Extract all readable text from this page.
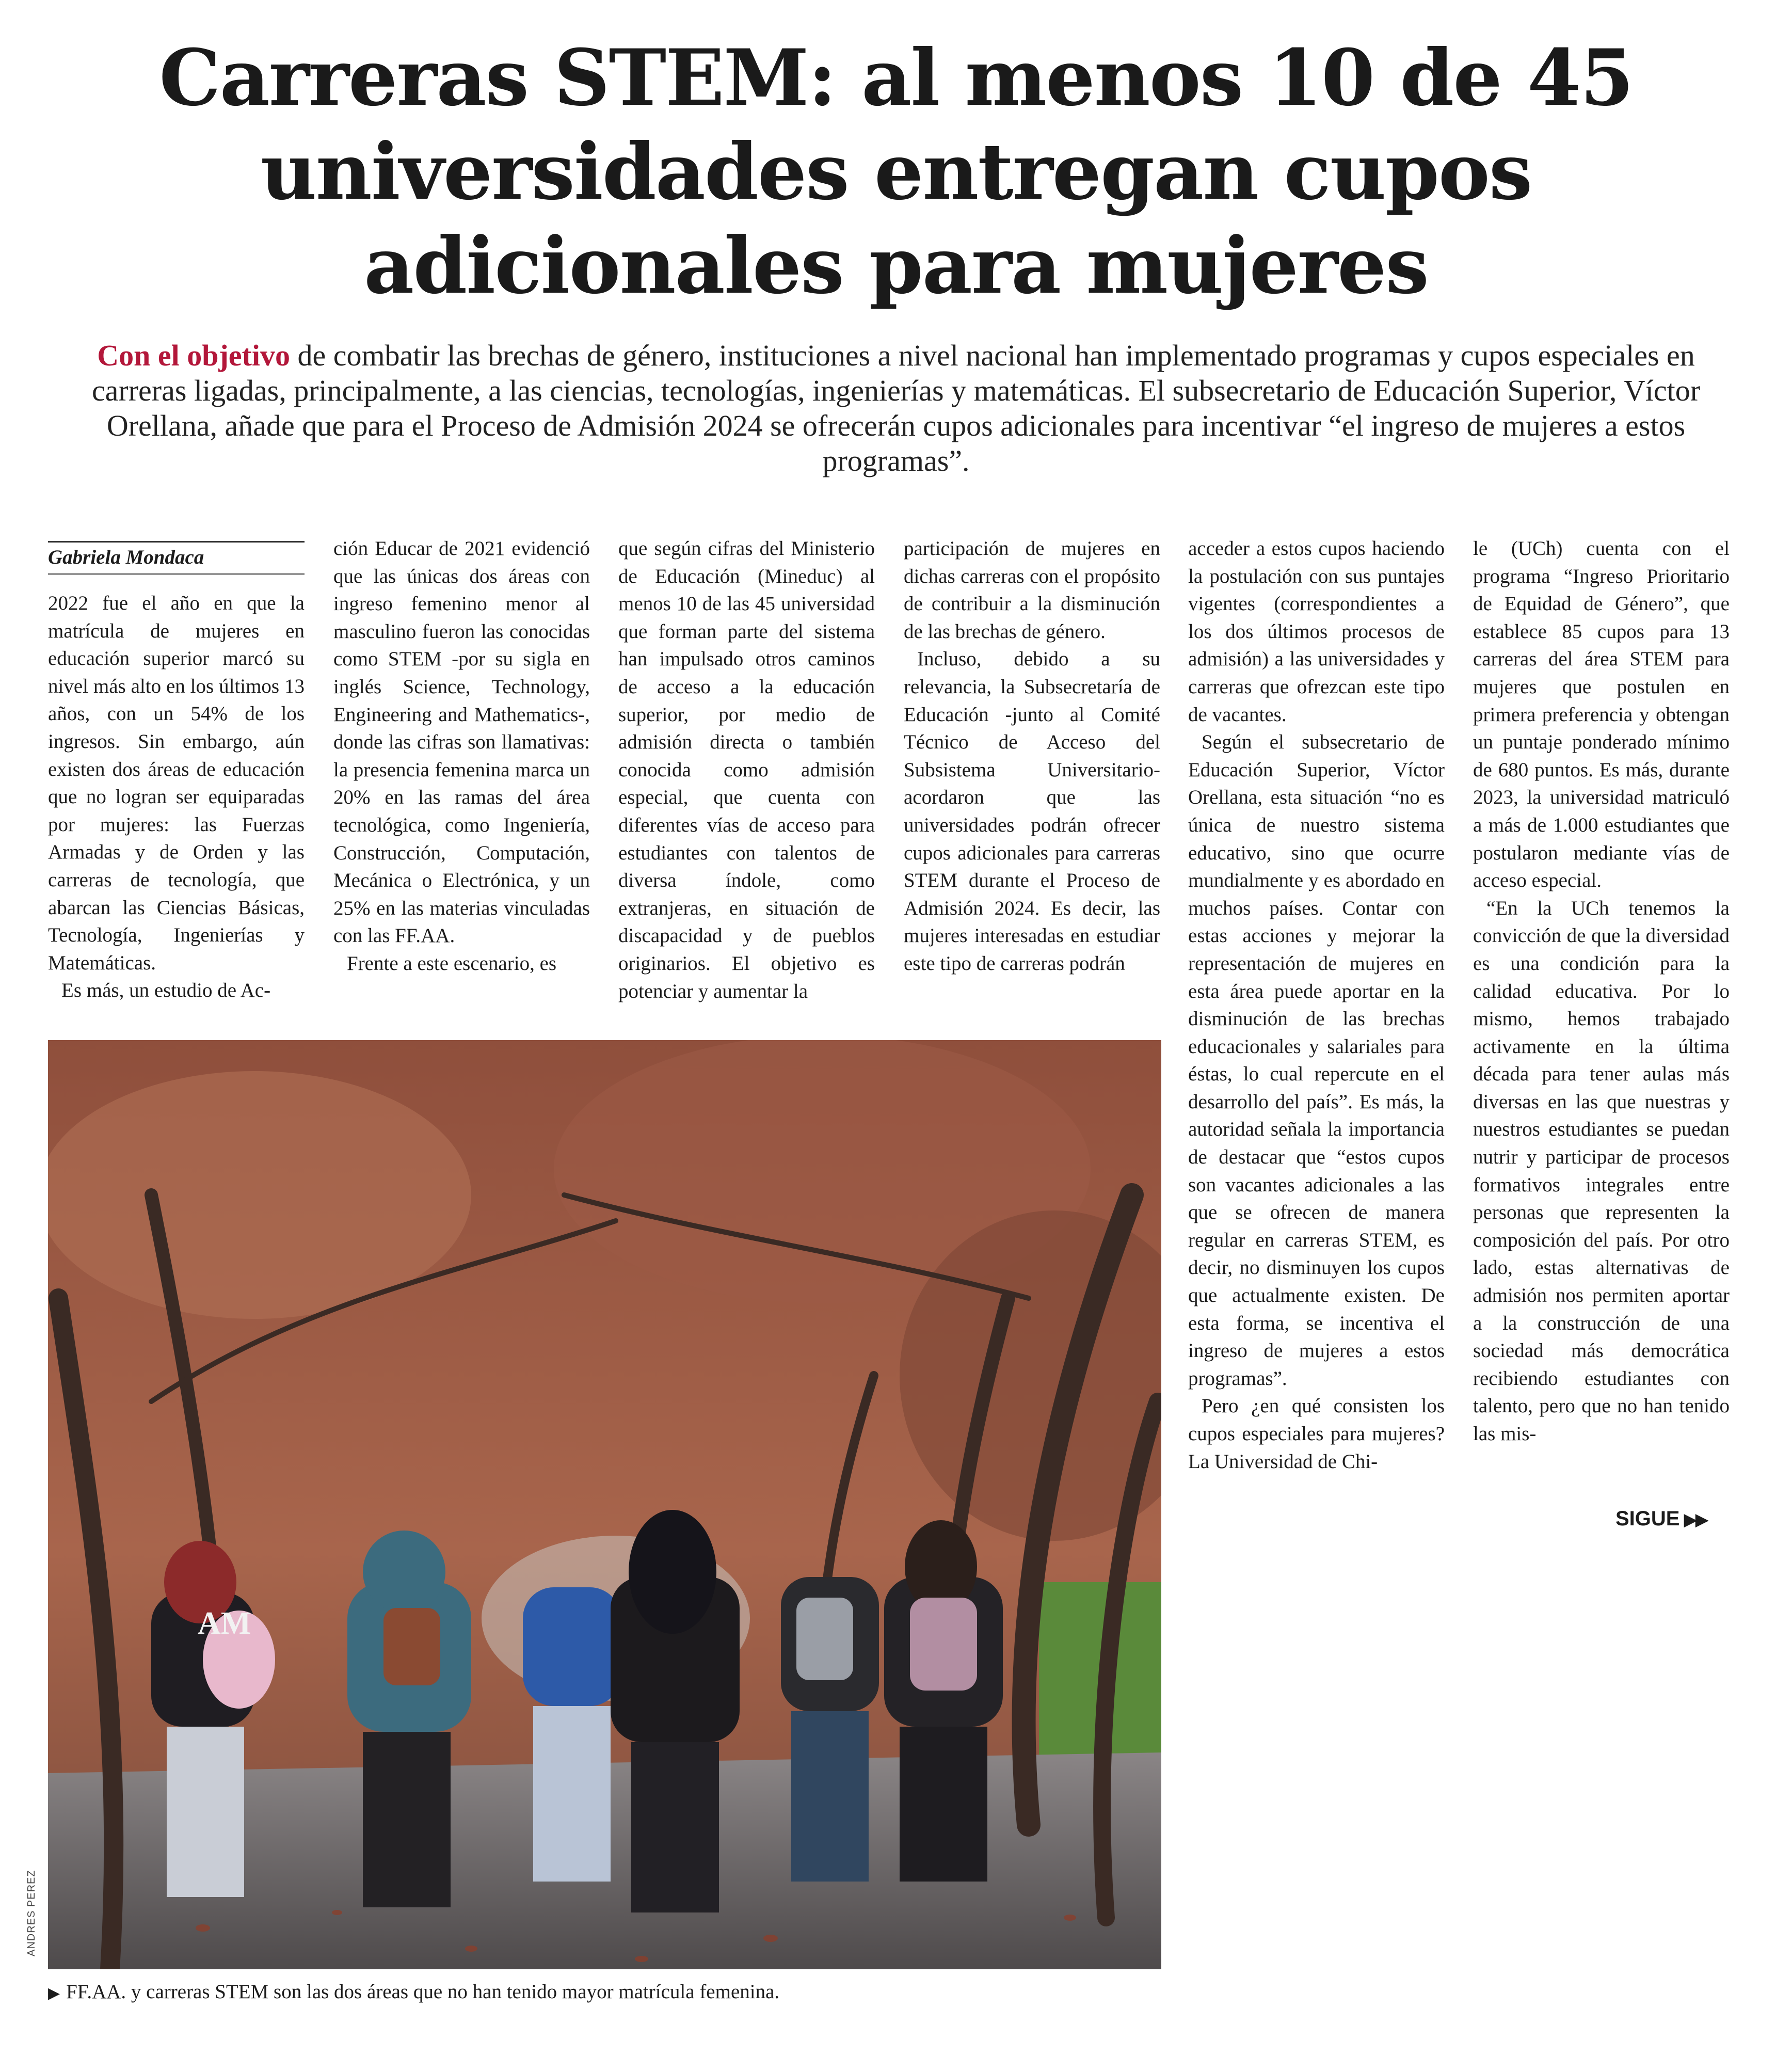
Carreras STEM: al menos 10 de 45 universidades entregan cupos adicionales para mujeres

Con el objetivo de combatir las brechas de género, instituciones a nivel nacional han implementado programas y cupos especiales en carreras ligadas, principalmente, a las ciencias, tecnologías, ingenierías y matemáticas. El subsecretario de Educación Superior, Víctor Orellana, añade que para el Proceso de Admisión 2024 se ofrecerán cupos adicionales para incentivar “el ingreso de mujeres a estos programas”.

Gabriela Mondaca

2022 fue el año en que la matrícula de mujeres en educación superior marcó su nivel más alto en los últimos 13 años, con un 54% de los ingresos. Sin embargo, aún existen dos áreas de educación que no logran ser equiparadas por mujeres: las Fuerzas Armadas y de Orden y las carreras de tecnología, que abarcan las Ciencias Básicas, Tecnología, Ingenierías y Matemáticas.

Es más, un estudio de Ac-

ción Educar de 2021 evidenció que las únicas dos áreas con ingreso femenino menor al masculino fueron las conocidas como STEM -por su sigla en inglés Science, Technology, Engineering and Mathematics-, donde las cifras son llamativas: la presencia femenina marca un 20% en las ramas del área tecnológica, como Ingeniería, Construcción, Computación, Mecánica o Electrónica, y un 25% en las materias vinculadas con las FF.AA.

Frente a este escenario, es

que según cifras del Ministerio de Educación (Mineduc) al menos 10 de las 45 universidad que forman parte del sistema han impulsado otros caminos de acceso a la educación superior, por medio de admisión directa o también conocida como admisión especial, que cuenta con diferentes vías de acceso para estudiantes con talentos de diversa índole, como extranjeras, en situación de discapacidad y de pueblos originarios. El objetivo es potenciar y aumentar la

participación de mujeres en dichas carreras con el propósito de contribuir a la disminución de las brechas de género.

Incluso, debido a su relevancia, la Subsecretaría de Educación -junto al Comité Técnico de Acceso del Subsistema Universitario- acordaron que las universidades podrán ofrecer cupos adicionales para carreras STEM durante el Proceso de Admisión 2024. Es decir, las mujeres interesadas en estudiar este tipo de carreras podrán

acceder a estos cupos haciendo la postulación con sus puntajes vigentes (correspondientes a los dos últimos procesos de admisión) a las universidades y carreras que ofrezcan este tipo de vacantes.

Según el subsecretario de Educación Superior, Víctor Orellana, esta situación “no es única de nuestro sistema educativo, sino que ocurre mundialmente y es abordado en muchos países. Contar con estas acciones y mejorar la representación de mujeres en esta área puede aportar en la disminución de las brechas educacionales y salariales para éstas, lo cual repercute en el desarrollo del país”. Es más, la autoridad señala la importancia de destacar que “estos cupos son vacantes adicionales a las que se ofrecen de manera regular en carreras STEM, es decir, no disminuyen los cupos que actualmente existen. De esta forma, se incentiva el ingreso de mujeres a estos programas”.

Pero ¿en qué consisten los cupos especiales para mujeres? La Universidad de Chi-

le (UCh) cuenta con el programa “Ingreso Prioritario de Equidad de Género”, que establece 85 cupos para 13 carreras del área STEM para mujeres que postulen en primera preferencia y obtengan un puntaje ponderado mínimo de 680 puntos. Es más, durante 2023, la universidad matriculó a más de 1.000 estudiantes que postularon mediante vías de acceso especial.

“En la UCh tenemos la convicción de que la diversidad es una condición para la calidad educativa. Por lo mismo, hemos trabajado activamente en la última década para tener aulas más diversas en las que nuestras y nuestros estudiantes se puedan nutrir y participar de procesos formativos integrales entre personas que representen la composición del país. Por otro lado, estas alternativas de admisión nos permiten aportar a la construcción de una sociedad más democrática recibiendo estudiantes con talento, pero que no han tenido las mis-

SIGUE ▶▶
AM
ANDRES PEREZ
▶ FF.AA. y carreras STEM son las dos áreas que no han tenido mayor matrícula femenina.
